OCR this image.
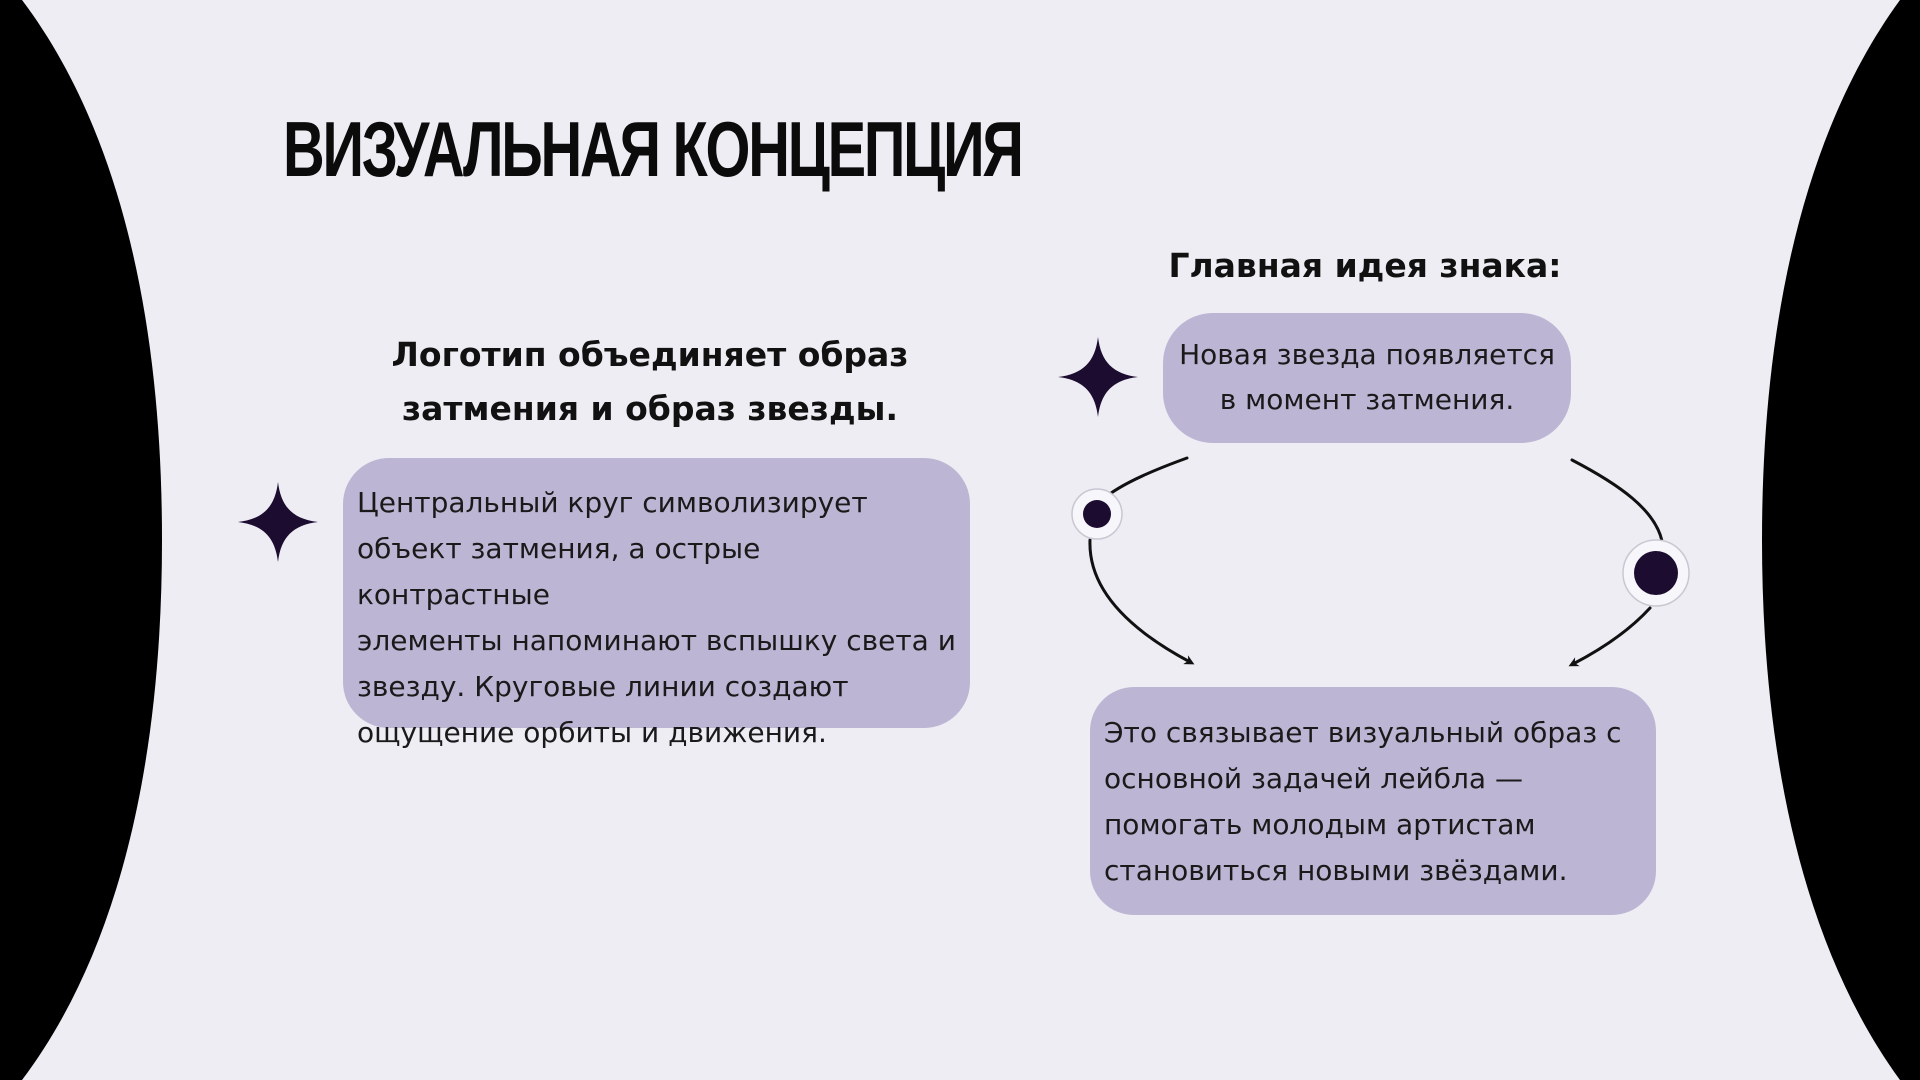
ВИЗУАЛЬНАЯ КОНЦЕПЦИЯ
Логотип объединяет образ
затмения и образ звезды.
Центральный круг символизирует
объект затмения, а острые контрастные
элементы напоминают вспышку света и
звезду. Круговые линии создают
ощущение орбиты и движения.
Главная идея знака:
Новая звезда появляется
в момент затмения.
Это связывает визуальный образ с
основной задачей лейбла —
помогать молодым артистам
становиться новыми звёздами.
